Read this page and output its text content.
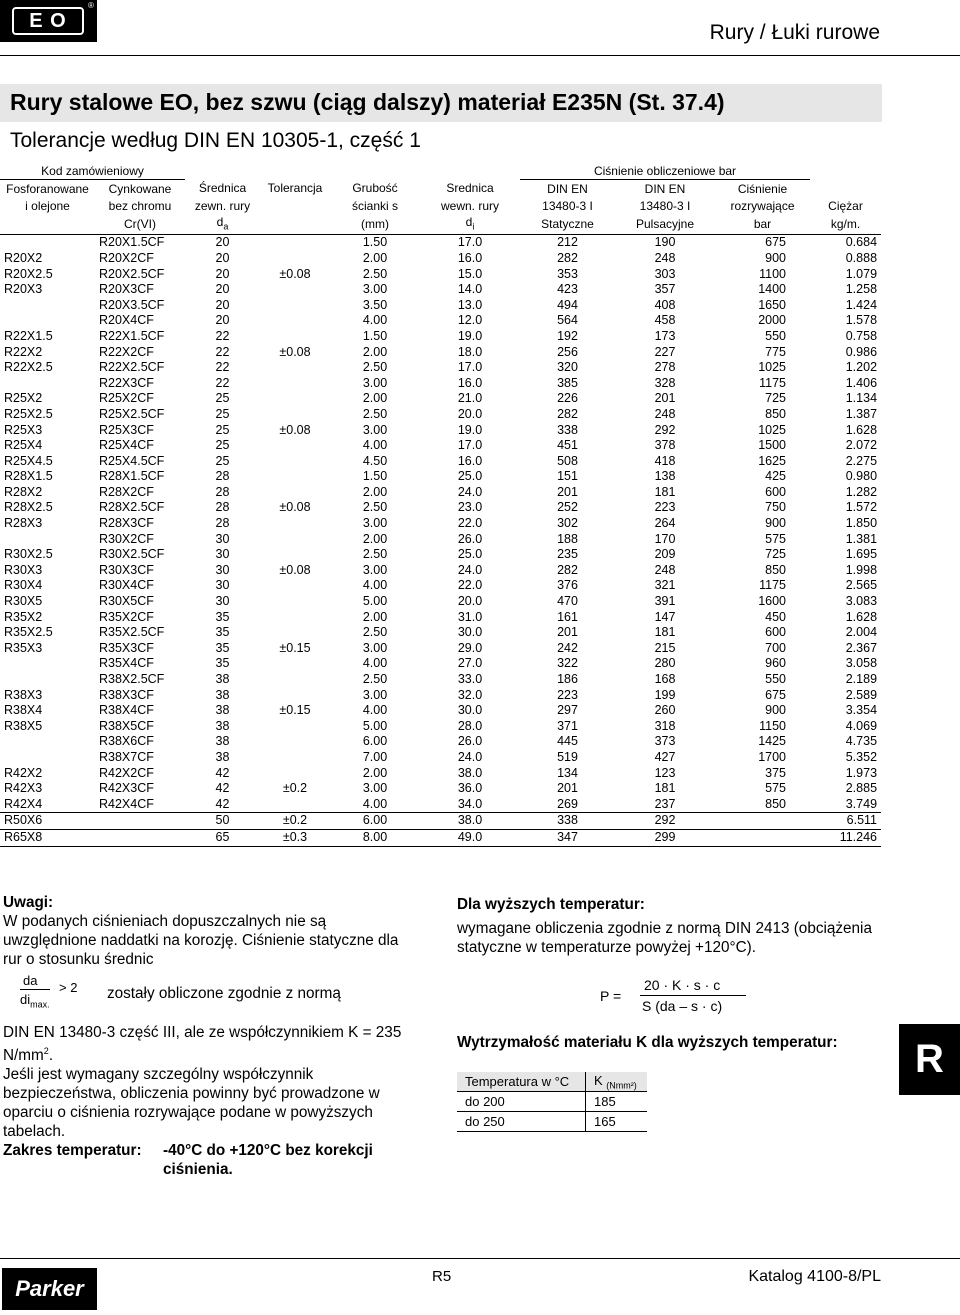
E O
®
Rury / Łuki rurowe
Rury stalowe EO, bez szwu (ciąg dalszy) materiał E235N (St. 37.4)
Tolerancje według DIN EN 10305-1, część 1
Kod zamówieniowy						Ciśnienie obliczeniowe bar			
Fosforanowane	Cynkowane	Średnica	Tolerancja	Grubość	Srednica	DIN EN	DIN EN	Ciśnienie	
i olejone	bez chromu	zewn. rury		ścianki s	wewn. rury	13480-3 I	13480-3 I	rozrywające	Ciężar
	Cr(VI)	$d_a$		(mm)	$d_i$	Statyczne	Pulsacyjne	bar	kg/m.
	R20X1.5CF	20		1.50	17.0	212	190	675	0.684
R20X2	R20X2CF	20		2.00	16.0	282	248	900	0.888
R20X2.5	R20X2.5CF	20	±0.08	2.50	15.0	353	303	1100	1.079
R20X3	R20X3CF	20		3.00	14.0	423	357	1400	1.258
	R20X3.5CF	20		3.50	13.0	494	408	1650	1.424
	R20X4CF	20		4.00	12.0	564	458	2000	1.578
R22X1.5	R22X1.5CF	22		1.50	19.0	192	173	550	0.758
R22X2	R22X2CF	22	±0.08	2.00	18.0	256	227	775	0.986
R22X2.5	R22X2.5CF	22		2.50	17.0	320	278	1025	1.202
	R22X3CF	22		3.00	16.0	385	328	1175	1.406
R25X2	R25X2CF	25		2.00	21.0	226	201	725	1.134
R25X2.5	R25X2.5CF	25		2.50	20.0	282	248	850	1.387
R25X3	R25X3CF	25	±0.08	3.00	19.0	338	292	1025	1.628
R25X4	R25X4CF	25		4.00	17.0	451	378	1500	2.072
R25X4.5	R25X4.5CF	25		4.50	16.0	508	418	1625	2.275
R28X1.5	R28X1.5CF	28		1.50	25.0	151	138	425	0.980
R28X2	R28X2CF	28		2.00	24.0	201	181	600	1.282
R28X2.5	R28X2.5CF	28	±0.08	2.50	23.0	252	223	750	1.572
R28X3	R28X3CF	28		3.00	22.0	302	264	900	1.850
	R30X2CF	30		2.00	26.0	188	170	575	1.381
R30X2.5	R30X2.5CF	30		2.50	25.0	235	209	725	1.695
R30X3	R30X3CF	30	±0.08	3.00	24.0	282	248	850	1.998
R30X4	R30X4CF	30		4.00	22.0	376	321	1175	2.565
R30X5	R30X5CF	30		5.00	20.0	470	391	1600	3.083
R35X2	R35X2CF	35		2.00	31.0	161	147	450	1.628
R35X2.5	R35X2.5CF	35		2.50	30.0	201	181	600	2.004
R35X3	R35X3CF	35	±0.15	3.00	29.0	242	215	700	2.367
	R35X4CF	35		4.00	27.0	322	280	960	3.058
	R38X2.5CF	38		2.50	33.0	186	168	550	2.189
R38X3	R38X3CF	38		3.00	32.0	223	199	675	2.589
R38X4	R38X4CF	38	±0.15	4.00	30.0	297	260	900	3.354
R38X5	R38X5CF	38		5.00	28.0	371	318	1150	4.069
	R38X6CF	38		6.00	26.0	445	373	1425	4.735
	R38X7CF	38		7.00	24.0	519	427	1700	5.352
R42X2	R42X2CF	42		2.00	38.0	134	123	375	1.973
R42X3	R42X3CF	42	±0.2	3.00	36.0	201	181	575	2.885
R42X4	R42X4CF	42		4.00	34.0	269	237	850	3.749
R50X6		50	±0.2	6.00	38.0	338	292		6.511
R65X8		65	±0.3	8.00	49.0	347	299		11.246
Uwagi:
W podanych ciśnieniach dopuszczalnych nie są uwzględnione naddatki na korozję. Ciśnienie statyczne dla rur o stosunku średnic
da
$di_{max.}$
> 2 zostały obliczone zgodnie z normą
DIN EN 13480-3 część III, ale ze współczynnikiem K = 235 $N/mm^2$.
Jeśli jest wymagany szczególny współczynnik bezpieczeństwa, obliczenia powinny być prowadzone w oparciu o ciśnienia rozrywające podane w powyższych tabelach.
Zakres temperatur:	-40°C do +120°C bez korekcji ciśnienia.
Dla wyższych temperatur:
wymagane obliczenia zgodnie z normą DIN 2413 (obciążenia statyczne w temperaturze powyżej +120°C).
P =
20 · K · s · c
S (da – s · c)
Wytrzymałość materiału K dla wyższych temperatur:
Temperatura w °C	K $_{(Nmm^2)}$
do 200	185
do 250	165
R
Parker	R5	Katalog 4100-8/PL
